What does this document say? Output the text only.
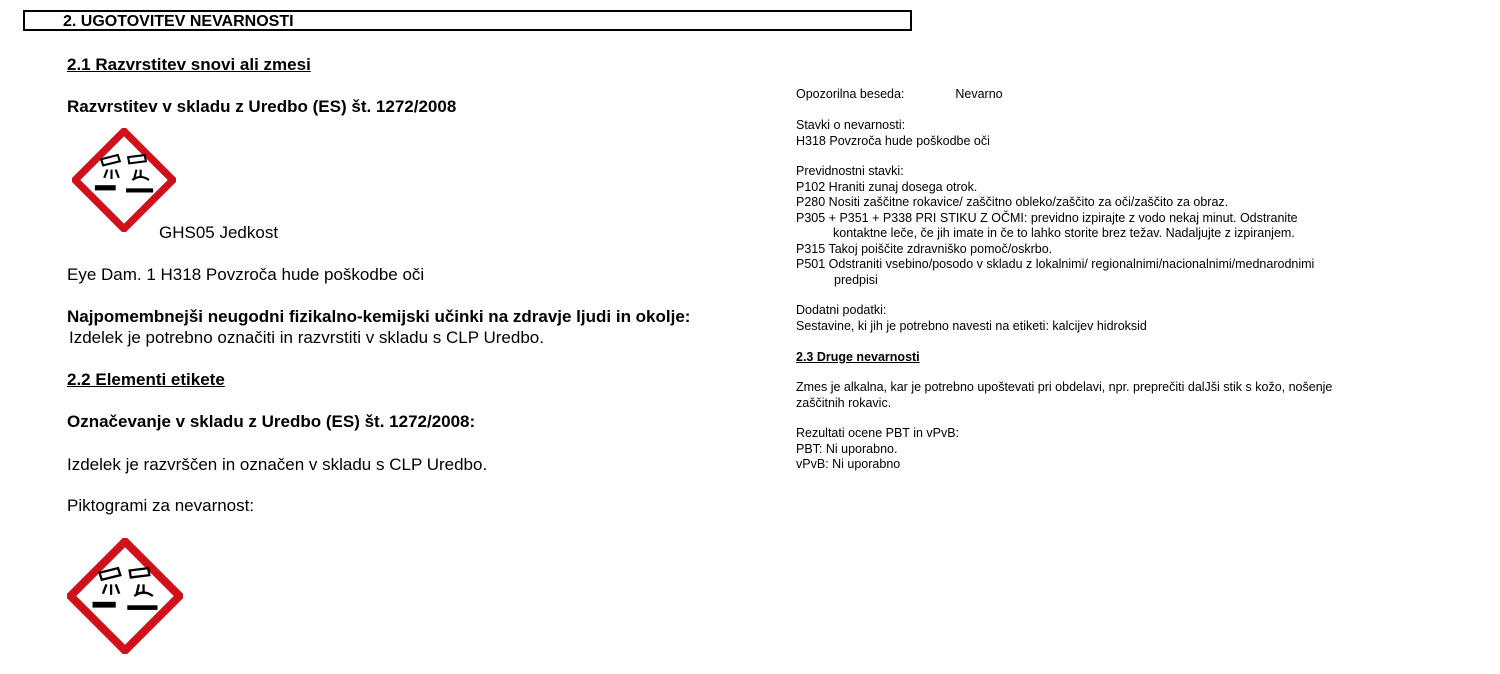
2. UGOTOVITEV NEVARNOSTI
2.1 Razvrstitev snovi ali zmesi
Razvrstitev v skladu z Uredbo (ES) št. 1272/2008
GHS05 Jedkost
Eye Dam. 1 H318 Povzroča hude poškodbe oči
Najpomembnejši neugodni fizikalno-kemijski učinki na zdravje ljudi in okolje:
Izdelek je potrebno označiti in razvrstiti v skladu s CLP Uredbo.
2.2 Elementi etikete
Označevanje v skladu z Uredbo (ES) št. 1272/2008:
Izdelek je razvrščen in označen v skladu s CLP Uredbo.
Piktogrami za nevarnost:
Opozorilna beseda:	Nevarno
Stavki o nevarnosti:
H318 Povzroča hude poškodbe oči
Previdnostni stavki:
P102 Hraniti zunaj dosega otrok.
P280 Nositi zaščitne rokavice/ zaščitno obleko/zaščito za oči/zaščito za obraz.
P305 + P351 + P338 PRI STIKU Z OČMI: previdno izpirajte z vodo nekaj minut. Odstranite
kontaktne leče, če jih imate in če to lahko storite brez težav. Nadaljujte z izpiranjem.
P315 Takoj poiščite zdravniško pomoč/oskrbo.
P501 Odstraniti vsebino/posodo v skladu z lokalnimi/ regionalnimi/nacionalnimi/mednarodnimi
predpisi
Dodatni podatki:
Sestavine, ki jih je potrebno navesti na etiketi: kalcijev hidroksid
2.3 Druge nevarnosti
Zmes je alkalna, kar je potrebno upoštevati pri obdelavi, npr. preprečiti dalJši stik s kožo, nošenje
zaščitnih rokavic.
Rezultati ocene PBT in vPvB:
PBT: Ni uporabno.
vPvB: Ni uporabno
